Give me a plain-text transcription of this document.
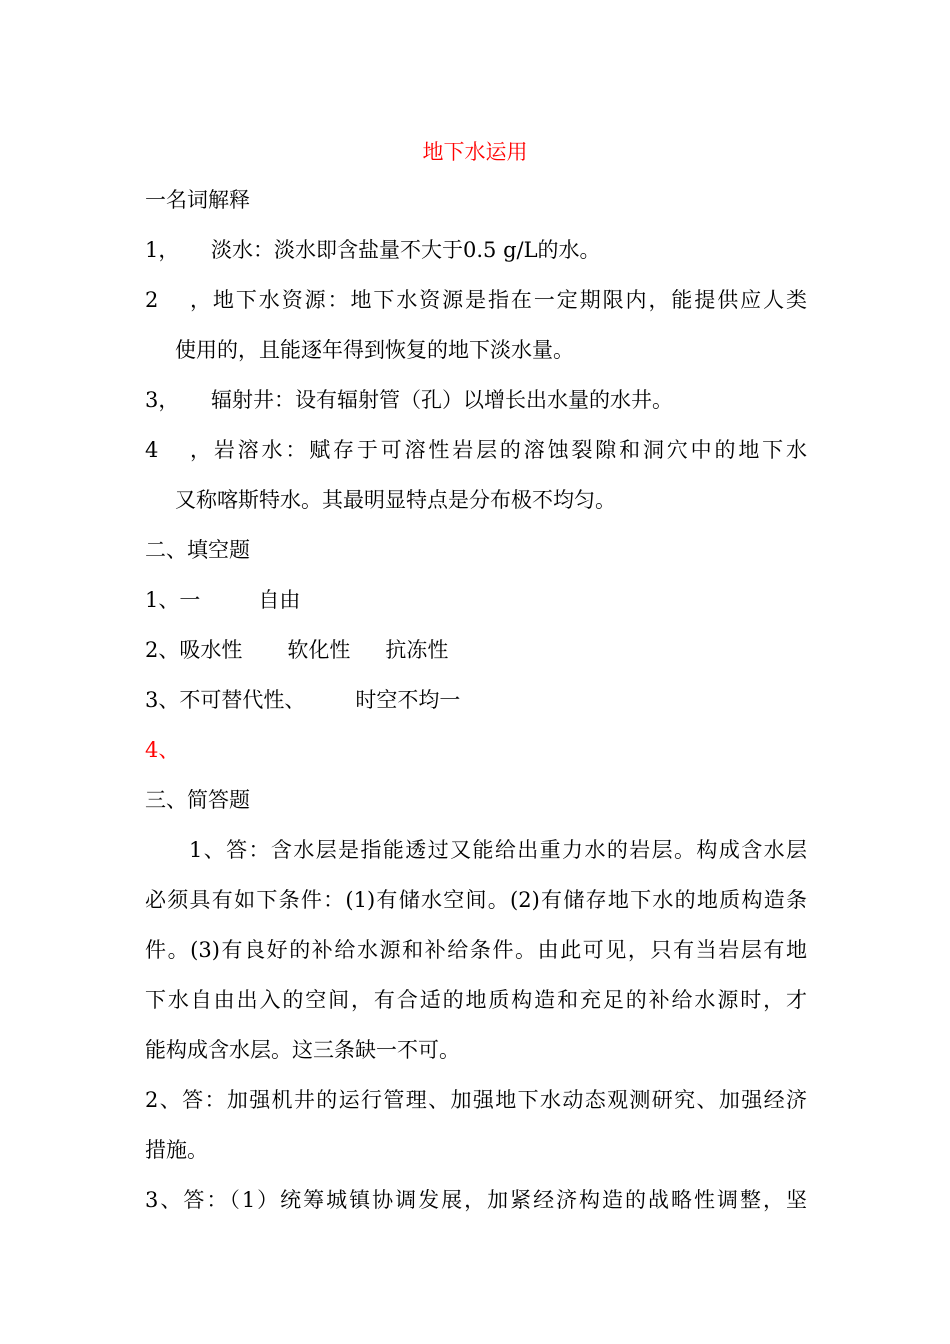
地下水运用
一名词解释
1， 淡水：淡水即含盐量不大于0.5 g/L的水。
2，地下水资源：地下水资源是指在一定期限内，能提供应人类
使用的，且能逐年得到恢复的地下淡水量。
3， 辐射井：设有辐射管（孔）以增长出水量的水井。
4，岩溶水：赋存于可溶性岩层的溶蚀裂隙和洞穴中的地下水
又称喀斯特水。其最明显特点是分布极不均匀。
二、填空题
1、一	自由
2、吸水性 软化性 抗冻性
3、不可替代性、 时空不均一
4、
三、简答题
1、答：含水层是指能透过又能给出重力水的岩层。构成含水层
必须具有如下条件：(1)有储水空间。(2)有储存地下水的地质构造条
件。(3)有良好的补给水源和补给条件。由此可见，只有当岩层有地
下水自由出入的空间，有合适的地质构造和充足的补给水源时，才
能构成含水层。这三条缺一不可。
2、答：加强机井的运行管理、加强地下水动态观测研究、加强经济
措施。
3、答：（1）统筹城镇协调发展，加紧经济构造的战略性调整，坚
